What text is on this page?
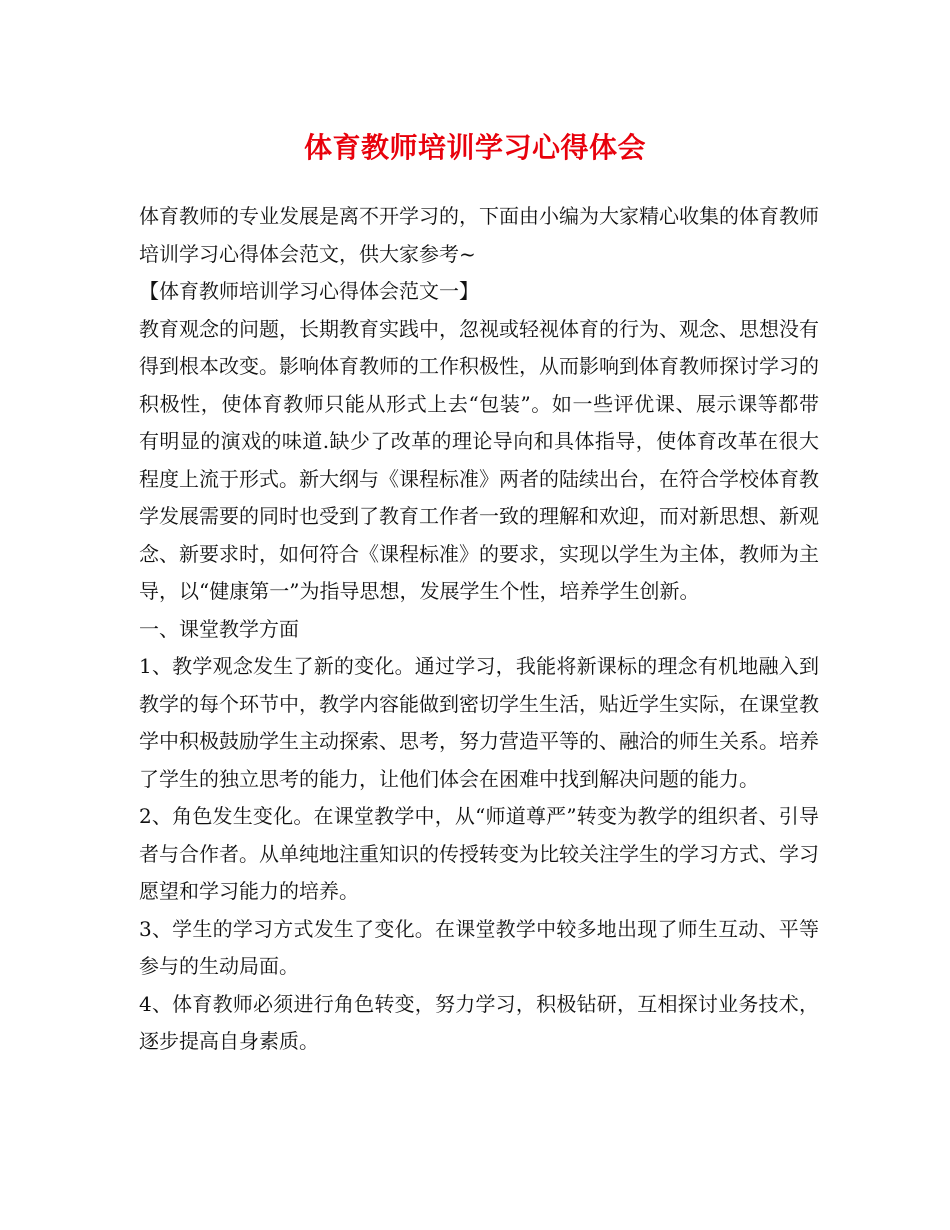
体育教师培训学习心得体会

体育教师的专业发展是离不开学习的，下面由小编为大家精心收集的体育教师培训学习心得体会范文，供大家参考~

【体育教师培训学习心得体会范文一】

教育观念的问题，长期教育实践中，忽视或轻视体育的行为、观念、思想没有得到根本改变。影响体育教师的工作积极性，从而影响到体育教师探讨学习的积极性，使体育教师只能从形式上去“包装”。如一些评优课、展示课等都带有明显的演戏的味道.缺少了改革的理论导向和具体指导，使体育改革在很大程度上流于形式。新大纲与《课程标准》两者的陆续出台，在符合学校体育教学发展需要的同时也受到了教育工作者一致的理解和欢迎，而对新思想、新观念、新要求时，如何符合《课程标准》的要求，实现以学生为主体，教师为主导，以“健康第一”为指导思想，发展学生个性，培养学生创新。

一、课堂教学方面

1、教学观念发生了新的变化。通过学习，我能将新课标的理念有机地融入到教学的每个环节中，教学内容能做到密切学生生活，贴近学生实际，在课堂教学中积极鼓励学生主动探索、思考，努力营造平等的、融洽的师生关系。培养了学生的独立思考的能力，让他们体会在困难中找到解决问题的能力。

2、角色发生变化。在课堂教学中，从“师道尊严”转变为教学的组织者、引导者与合作者。从单纯地注重知识的传授转变为比较关注学生的学习方式、学习愿望和学习能力的培养。

3、学生的学习方式发生了变化。在课堂教学中较多地出现了师生互动、平等参与的生动局面。

4、体育教师必须进行角色转变，努力学习，积极钻研，互相探讨业务技术，逐步提高自身素质。
